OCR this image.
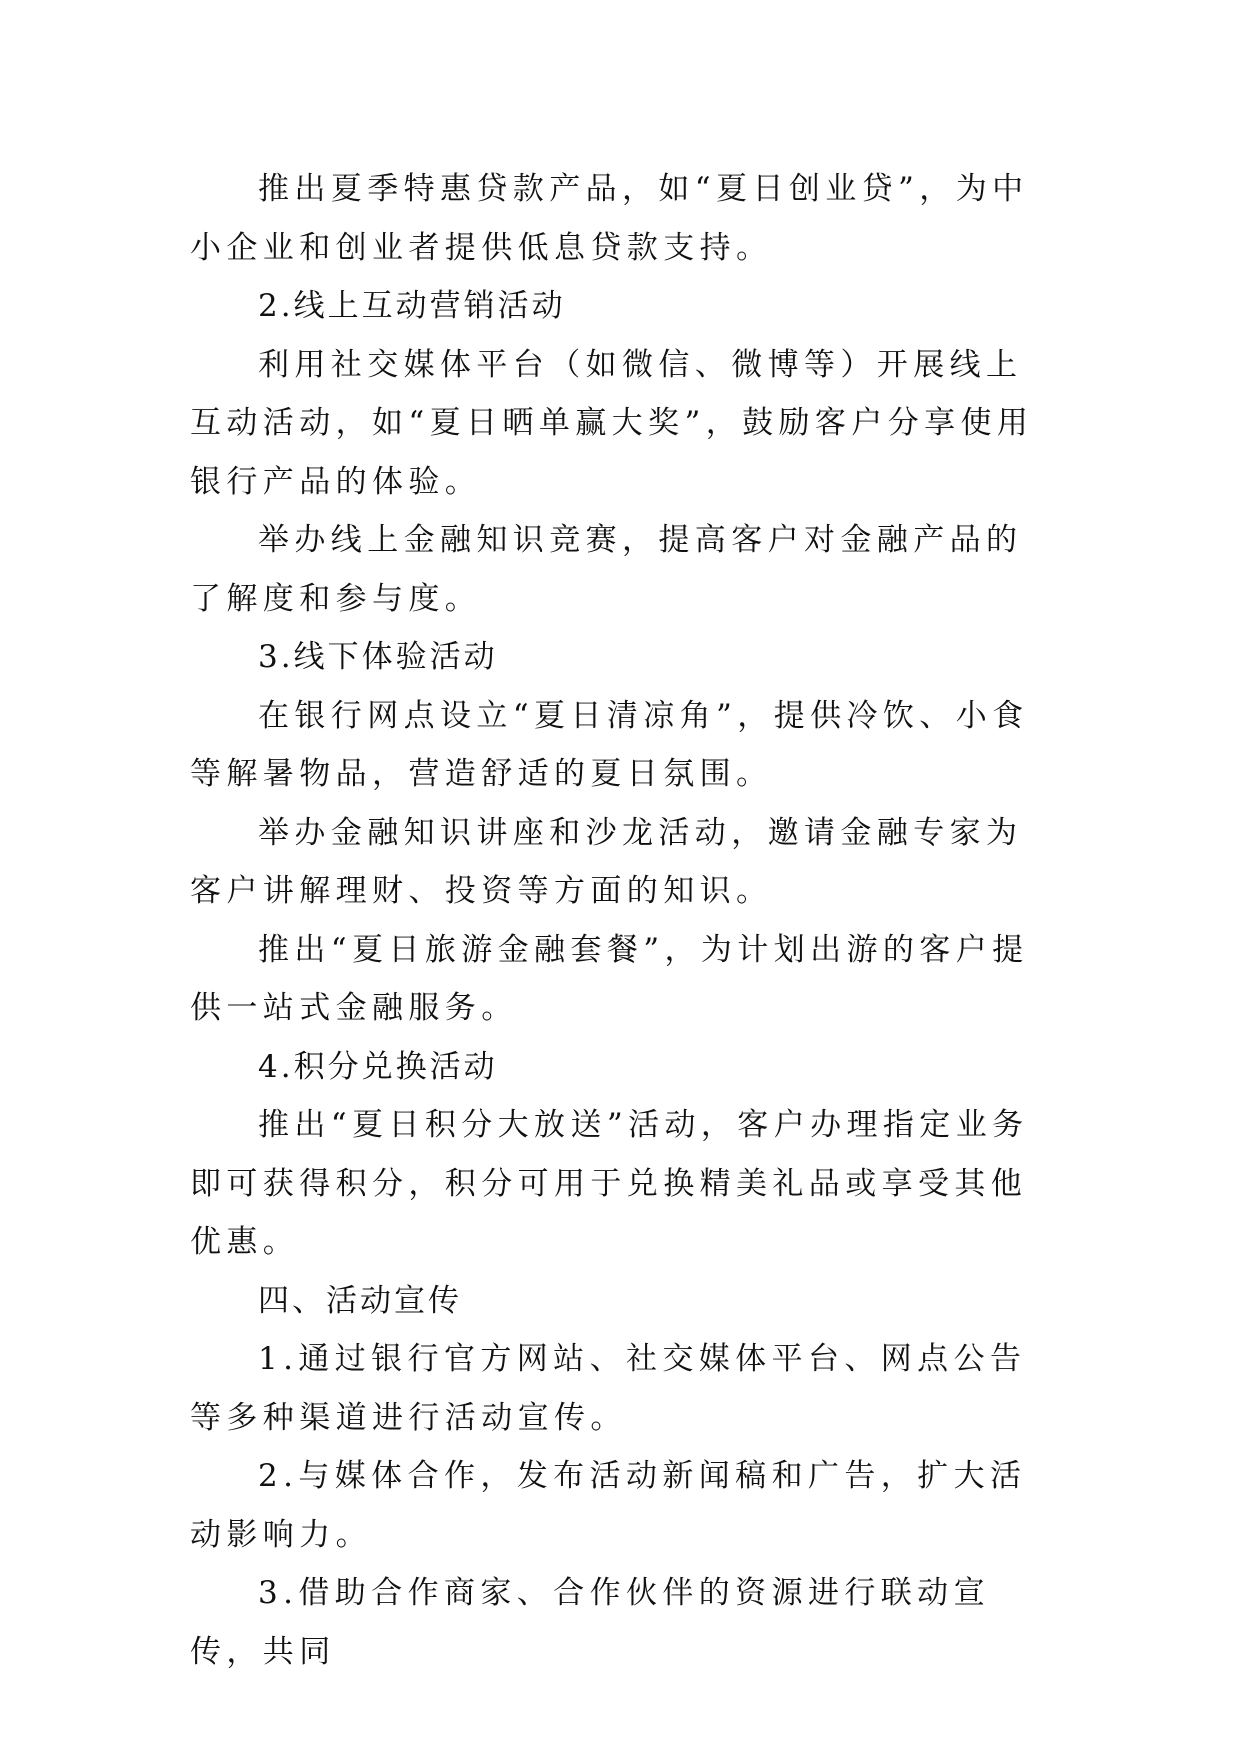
推出夏季特惠贷款产品，如“夏日创业贷”，为中小企业和创业者提供低息贷款支持。

2.线上互动营销活动

利用社交媒体平台（如微信、微博等）开展线上互动活动，如“夏日晒单赢大奖”，鼓励客户分享使用银行产品的体验。

举办线上金融知识竞赛，提高客户对金融产品的了解度和参与度。

3.线下体验活动

在银行网点设立“夏日清凉角”，提供冷饮、小食等解暑物品，营造舒适的夏日氛围。

举办金融知识讲座和沙龙活动，邀请金融专家为客户讲解理财、投资等方面的知识。

推出“夏日旅游金融套餐”，为计划出游的客户提供一站式金融服务。

4.积分兑换活动

推出“夏日积分大放送”活动，客户办理指定业务即可获得积分，积分可用于兑换精美礼品或享受其他优惠。

四、活动宣传

1.通过银行官方网站、社交媒体平台、网点公告等多种渠道进行活动宣传。

2.与媒体合作，发布活动新闻稿和广告，扩大活动影响力。

3.借助合作商家、合作伙伴的资源进行联动宣传，共同
